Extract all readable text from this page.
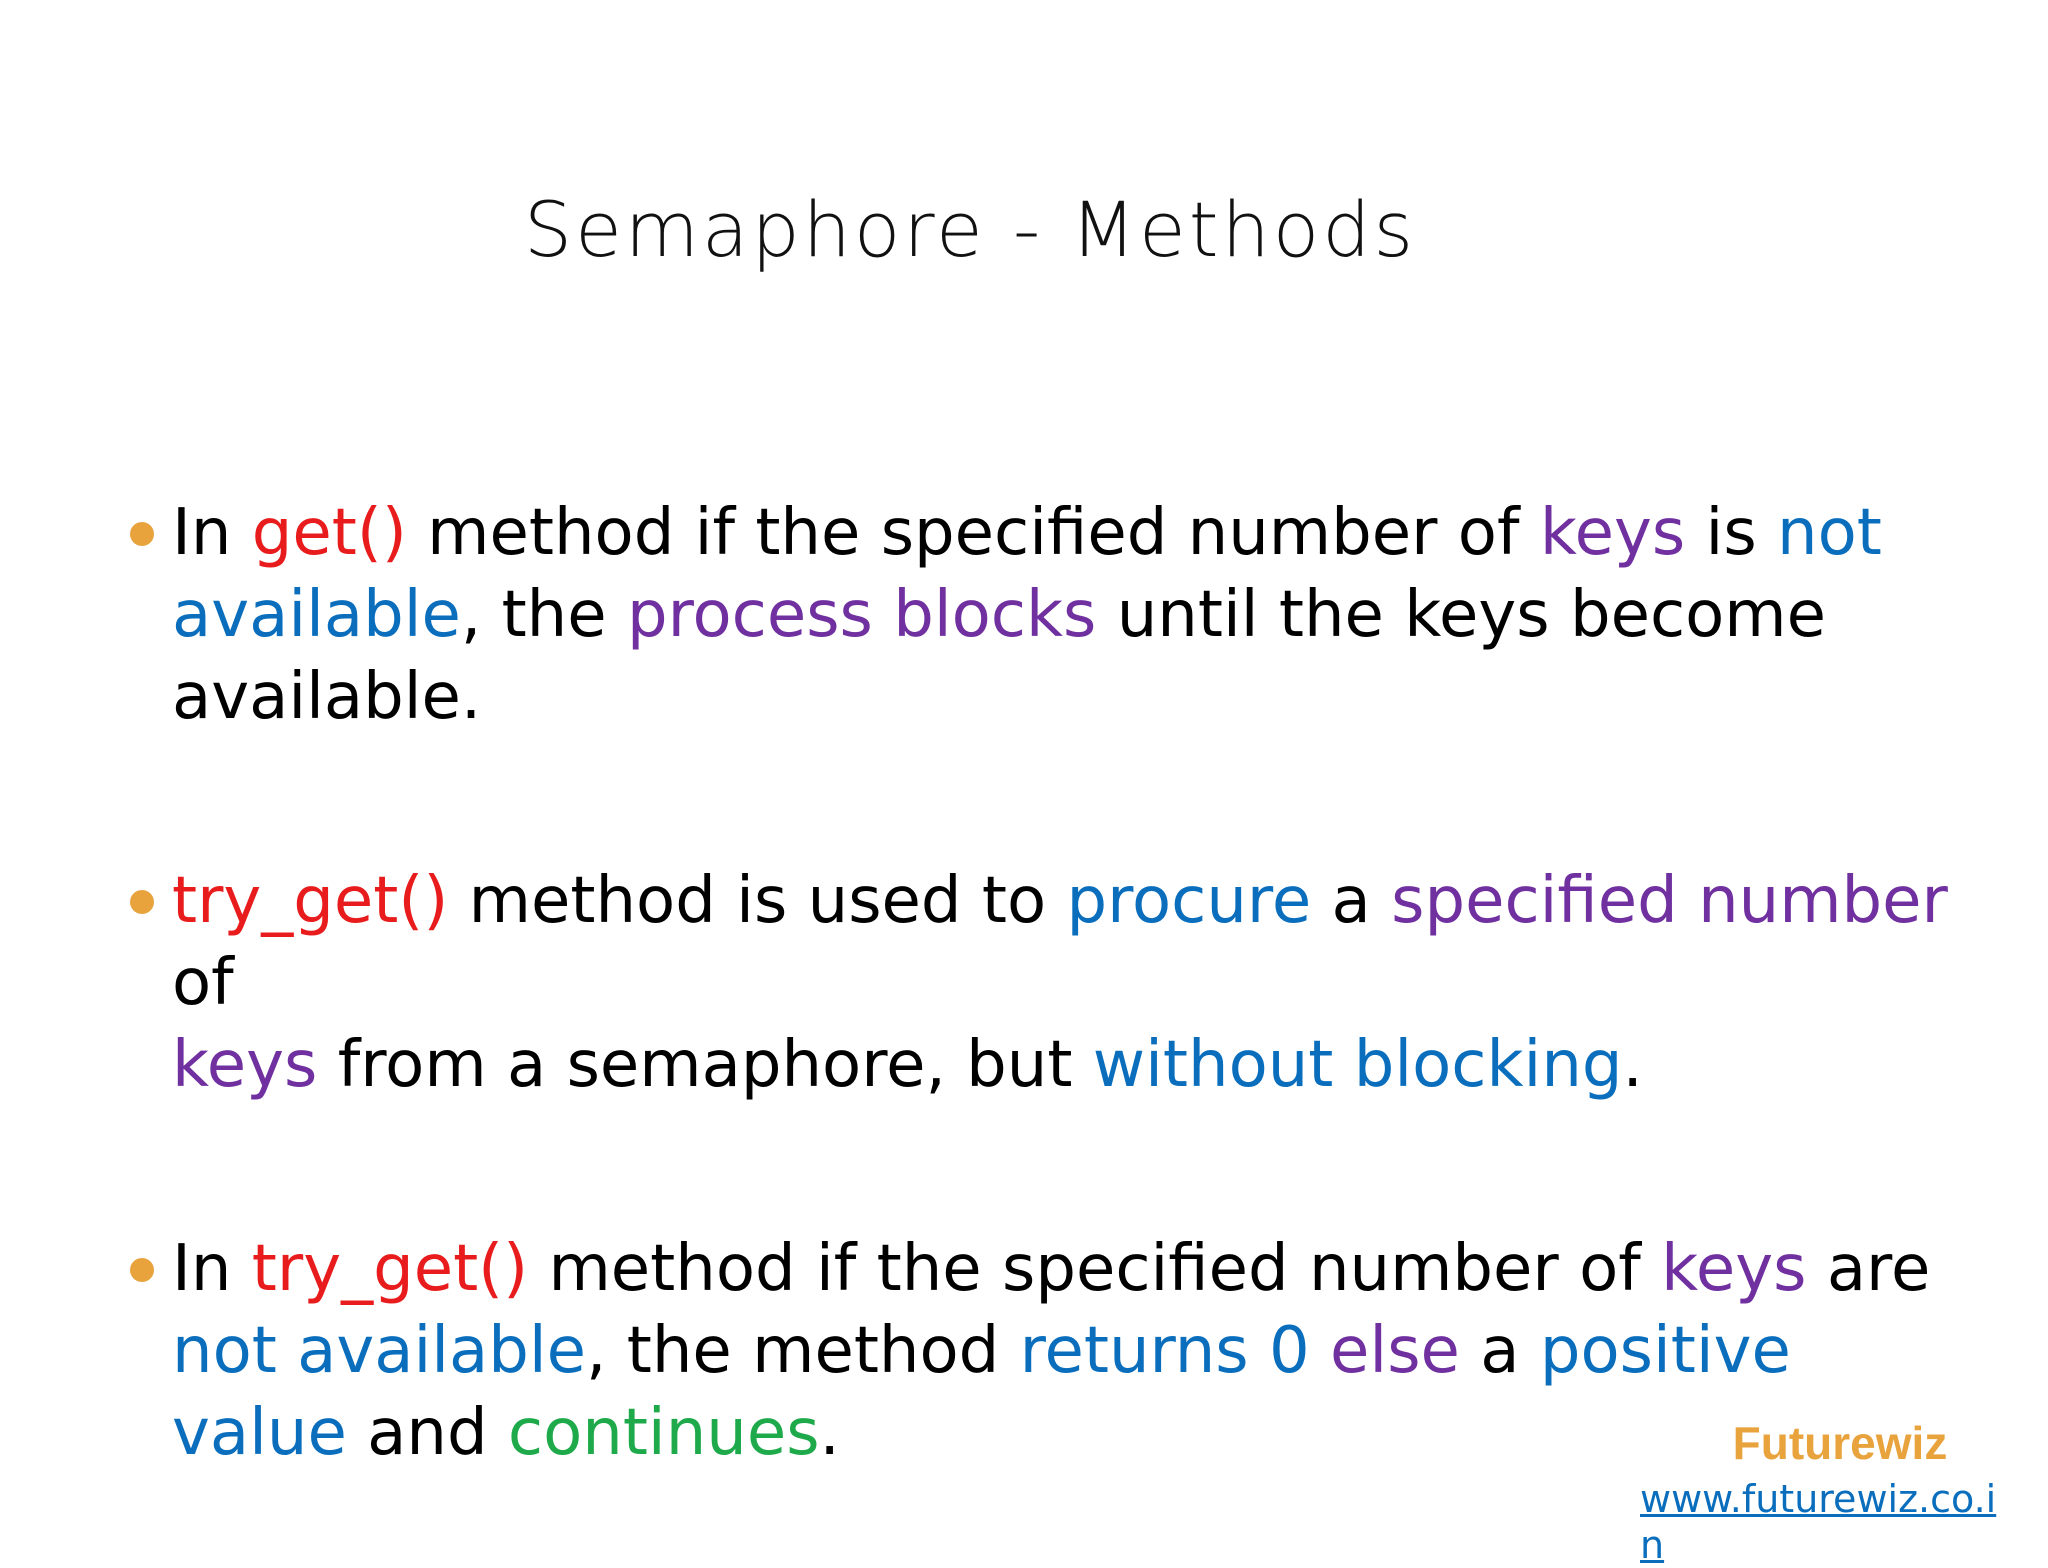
Semaphore - Methods
In get() method if the specified number of keys is not available, the process blocks until the keys become available.
try_get() method is used to procure a specified number of
keys from a semaphore, but without blocking.
In try_get() method if the specified number of keys are not available, the method returns 0 else a positive value and continues.	Futurewiz
www.futurewiz.co.in
